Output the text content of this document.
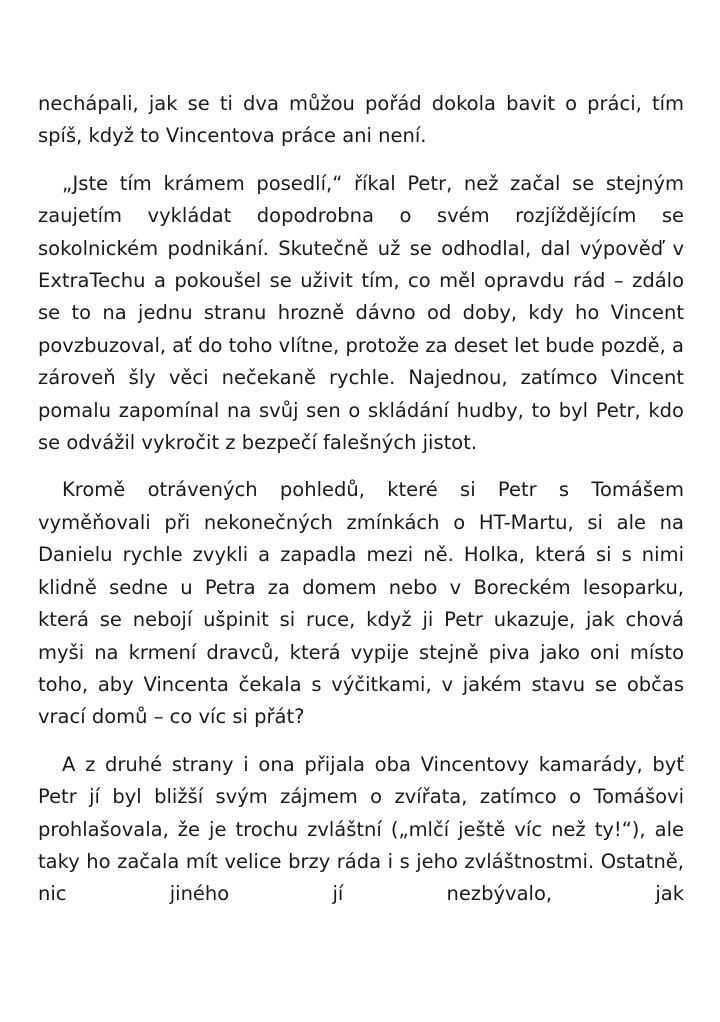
nechápali, jak se ti dva můžou pořád dokola bavit o práci, tím spíš, když to Vincentova práce ani není.

„Jste tím krámem posedlí,“ říkal Petr, než začal se stejným zaujetím vykládat dopodrobna o svém rozjíždějícím se sokolnickém podnikání. Skutečně už se odhodlal, dal výpověď v ExtraTechu a pokoušel se uživit tím, co měl opravdu rád – zdálo se to na jednu stranu hrozně dávno od doby, kdy ho Vincent povzbuzoval, ať do toho vlítne, protože za deset let bude pozdě, a zároveň šly věci nečekaně rychle. Najednou, zatímco Vincent pomalu zapomínal na svůj sen o skládání hudby, to byl Petr, kdo se odvážil vykročit z bezpečí falešných jistot.

Kromě otrávených pohledů, které si Petr s Tomášem vyměňovali při nekonečných zmínkách o HT-Martu, si ale na Danielu rychle zvykli a zapadla mezi ně. Holka, která si s nimi klidně sedne u Petra za domem nebo v Boreckém lesoparku, která se nebojí ušpinit si ruce, když ji Petr ukazuje, jak chová myši na krmení dravců, která vypije stejně piva jako oni místo toho, aby Vincenta čekala s výčitkami, v jakém stavu se občas vrací domů – co víc si přát?

A z druhé strany i ona přijala oba Vincentovy kamarády, byť Petr jí byl bližší svým zájmem o zvířata, zatímco o Tomášovi prohlašovala, že je trochu zvláštní („mlčí ještě víc než ty!“), ale taky ho začala mít velice brzy ráda i s jeho zvláštnostmi. Ostatně, nic jiného jí nezbývalo, jak
